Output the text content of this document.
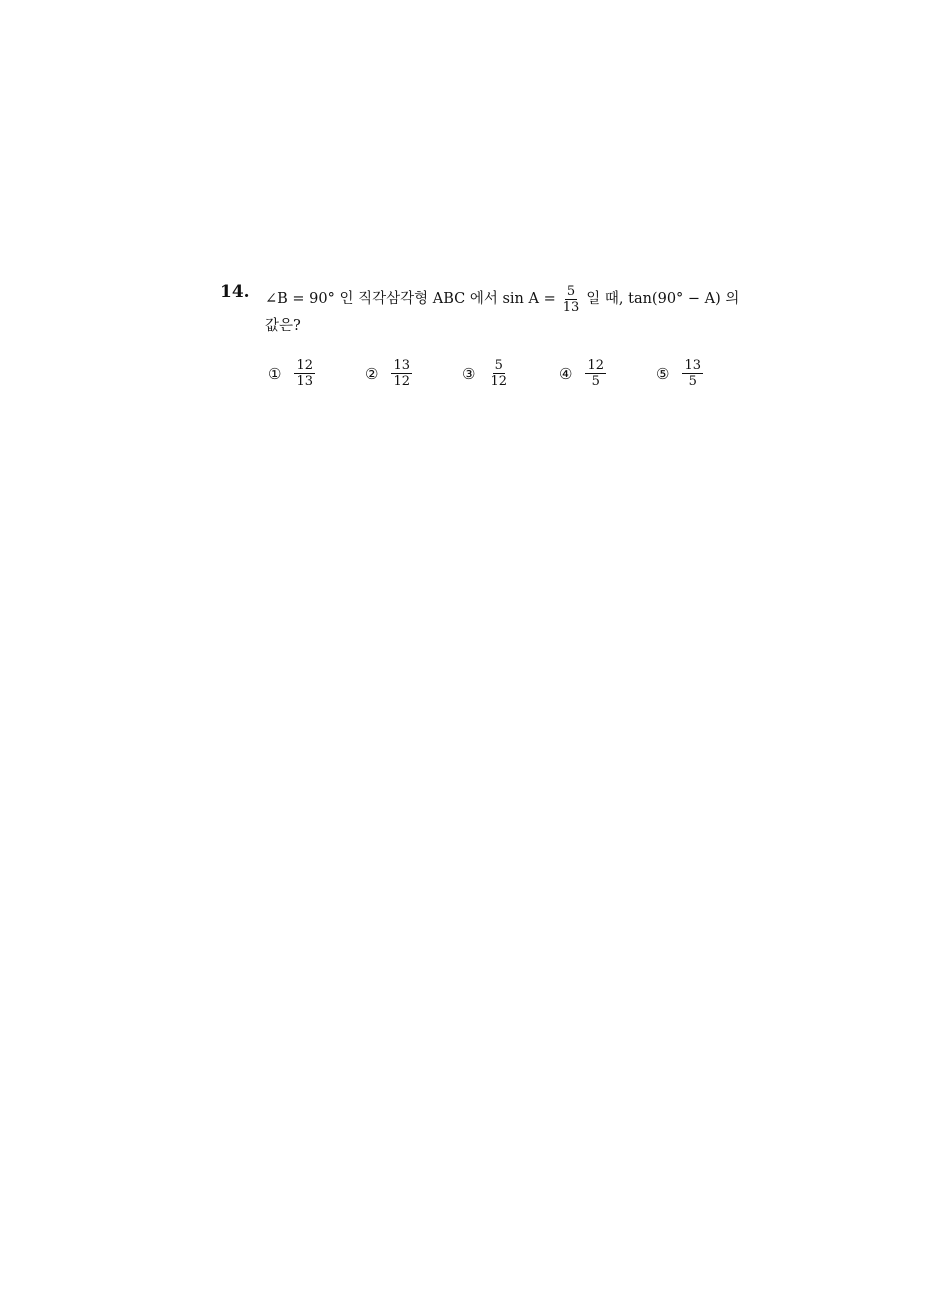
14. ∠B = 90° 인 직각삼각형 ABC 에서 $\sin A = \frac{5}{13}$ 일 때, tan(90° − A) 의
값은?
① $\frac{12}{13}$	② $\frac{13}{12}$	③ $\frac{5}{12}$	④ $\frac{12}{5}$	⑤ $\frac{13}{5}$
